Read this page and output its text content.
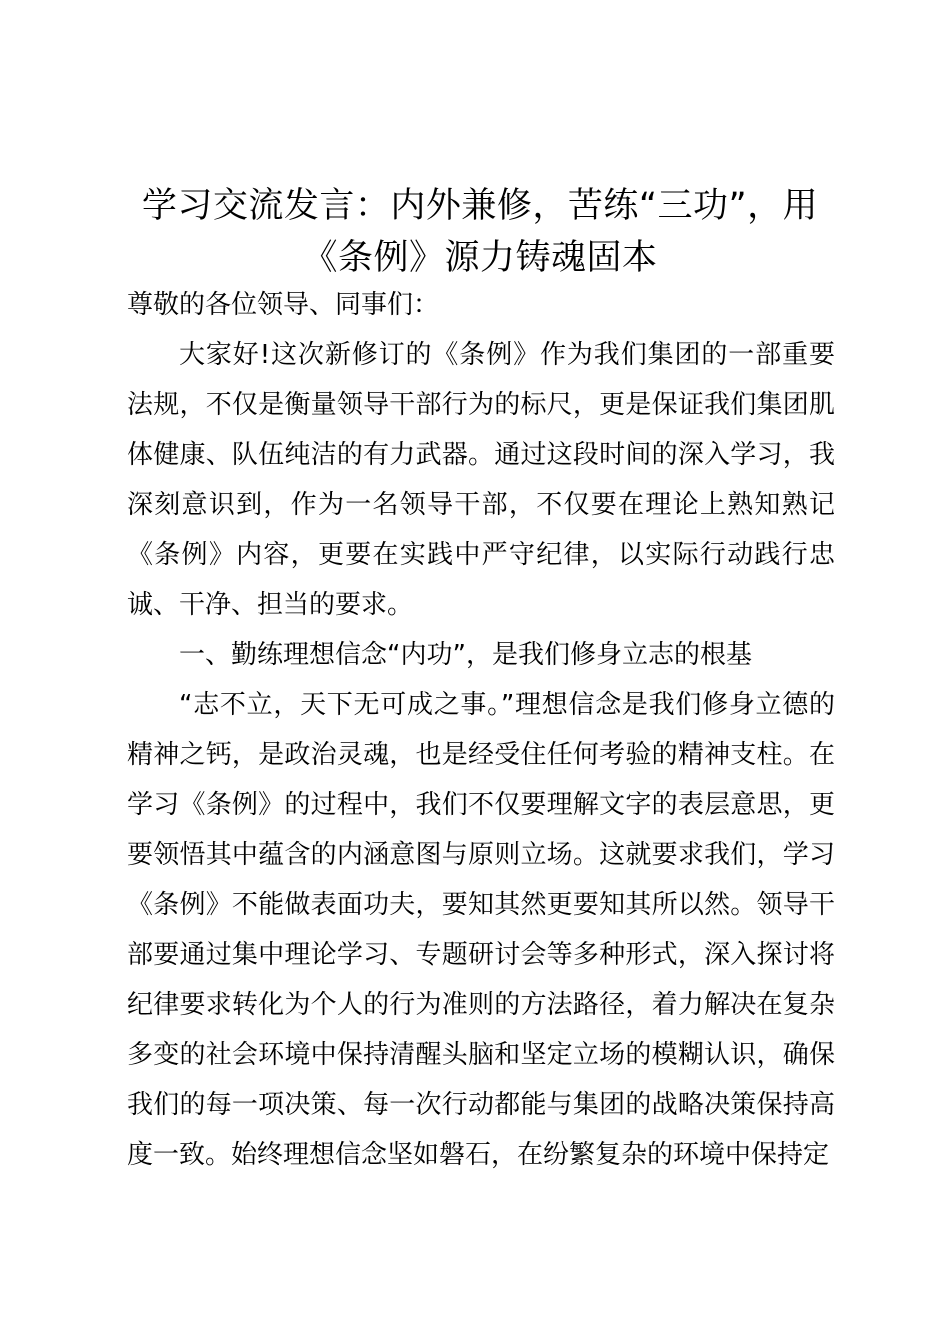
学习交流发言：内外兼修，苦练“三功”，用
《条例》源力铸魂固本

尊敬的各位领导、同事们：

大家好!这次新修订的《条例》作为我们集团的一部重要法规，不仅是衡量领导干部行为的标尺，更是保证我们集团肌体健康、队伍纯洁的有力武器。通过这段时间的深入学习，我深刻意识到，作为一名领导干部，不仅要在理论上熟知熟记《条例》内容，更要在实践中严守纪律，以实际行动践行忠诚、干净、担当的要求。

一、勤练理想信念“内功”，是我们修身立志的根基

“志不立，天下无可成之事。”理想信念是我们修身立德的精神之钙，是政治灵魂，也是经受住任何考验的精神支柱。在学习《条例》的过程中，我们不仅要理解文字的表层意思，更要领悟其中蕴含的内涵意图与原则立场。这就要求我们，学习《条例》不能做表面功夫，要知其然更要知其所以然。领导干部要通过集中理论学习、专题研讨会等多种形式，深入探讨将纪律要求转化为个人的行为准则的方法路径，着力解决在复杂多变的社会环境中保持清醒头脑和坚定立场的模糊认识，确保我们的每一项决策、每一次行动都能与集团的战略决策保持高度一致。始终理想信念坚如磐石，在纷繁复杂的环境中保持定
